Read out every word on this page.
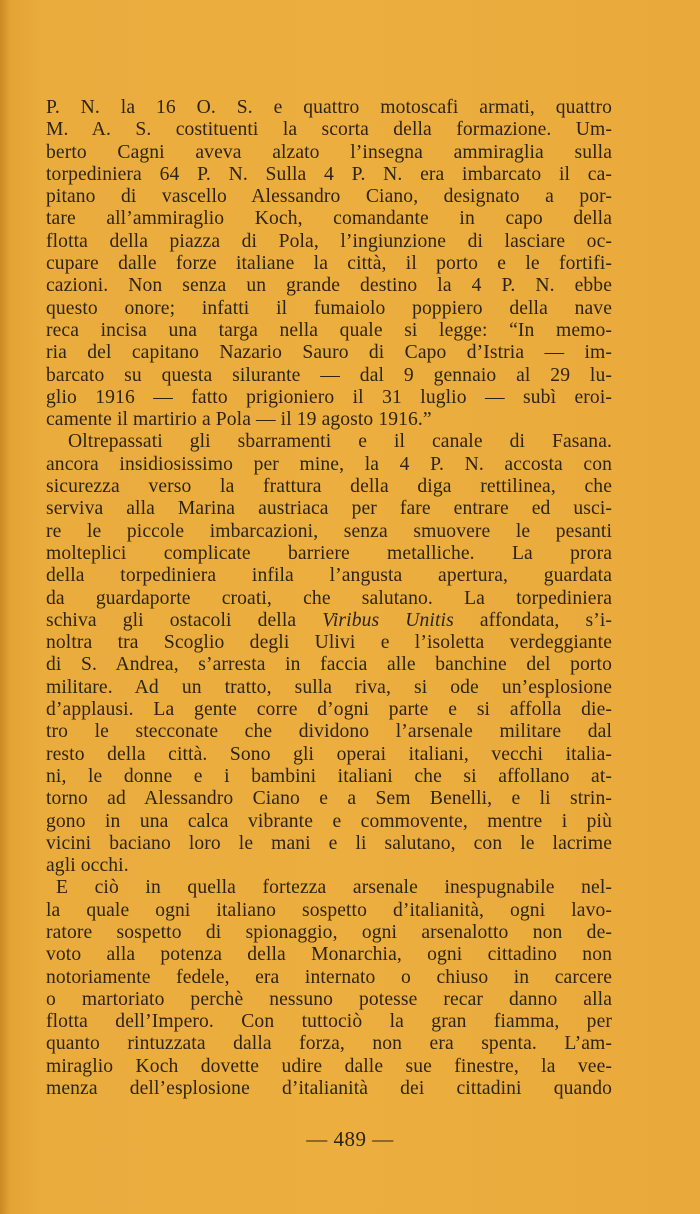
P. N. la 16 O. S. e quattro motoscafi armati, quattro
M. A. S. costituenti la scorta della formazione. Um-
berto Cagni aveva alzato l’insegna ammiraglia sulla
torpediniera 64 P. N. Sulla 4 P. N. era imbarcato il ca-
pitano di vascello Alessandro Ciano, designato a por-
tare all’ammiraglio Koch, comandante in capo della
flotta della piazza di Pola, l’ingiunzione di lasciare oc-
cupare dalle forze italiane la città, il porto e le fortifi-
cazioni. Non senza un grande destino la 4 P. N. ebbe
questo onore; infatti il fumaiolo poppiero della nave
reca incisa una targa nella quale si legge: “In memo-
ria del capitano Nazario Sauro di Capo d’Istria — im-
barcato su questa silurante — dal 9 gennaio al 29 lu-
glio 1916 — fatto prigioniero il 31 luglio — subì eroi-
camente il martirio a Pola — il 19 agosto 1916.”
Oltrepassati gli sbarramenti e il canale di Fasana.
ancora insidiosissimo per mine, la 4 P. N. accosta con
sicurezza verso la frattura della diga rettilinea, che
serviva alla Marina austriaca per fare entrare ed usci-
re le piccole imbarcazioni, senza smuovere le pesanti
molteplici complicate barriere metalliche. La prora
della torpediniera infila l’angusta apertura, guardata
da guardaporte croati, che salutano. La torpediniera
schiva gli ostacoli della Viribus Unitis affondata, s’i-
noltra tra Scoglio degli Ulivi e l’isoletta verdeggiante
di S. Andrea, s’arresta in faccia alle banchine del porto
militare. Ad un tratto, sulla riva, si ode un’esplosione
d’applausi. La gente corre d’ogni parte e si affolla die-
tro le stecconate che dividono l’arsenale militare dal
resto della città. Sono gli operai italiani, vecchi italia-
ni, le donne e i bambini italiani che si affollano at-
torno ad Alessandro Ciano e a Sem Benelli, e li strin-
gono in una calca vibrante e commovente, mentre i più
vicini baciano loro le mani e li salutano, con le lacrime
agli occhi.
E ciò in quella fortezza arsenale inespugnabile nel-
la quale ogni italiano sospetto d’italianità, ogni lavo-
ratore sospetto di spionaggio, ogni arsenalotto non de-
voto alla potenza della Monarchia, ogni cittadino non
notoriamente fedele, era internato o chiuso in carcere
o martoriato perchè nessuno potesse recar danno alla
flotta dell’Impero. Con tuttociò la gran fiamma, per
quanto rintuzzata dalla forza, non era spenta. L’am-
miraglio Koch dovette udire dalle sue finestre, la vee-
menza dell’esplosione d’italianità dei cittadini quando
— 489 —
